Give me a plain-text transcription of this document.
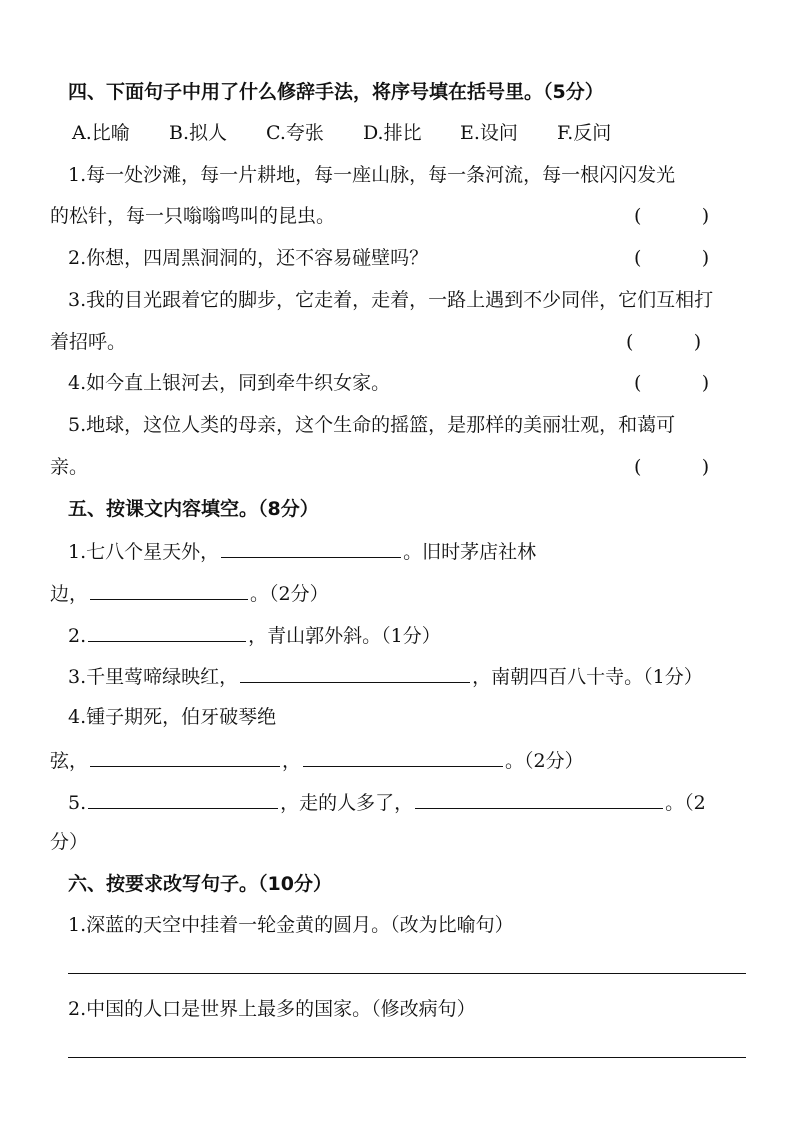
四、下面句子中用了什么修辞手法，将序号填在括号里。（5分）
A.比喻 B.拟人 C.夸张 D.排比 E.设问 F.反问
1.每一处沙滩，每一片耕地，每一座山脉，每一条河流，每一根闪闪发光
的松针，每一只嗡嗡鸣叫的昆虫。	(          )
2.你想，四周黑洞洞的，还不容易碰壁吗？	(          )
3.我的目光跟着它的脚步，它走着，走着，一路上遇到不少同伴，它们互相打
着招呼。	(          )
4.如今直上银河去，同到牵牛织女家。	(          )
5.地球，这位人类的母亲，这个生命的摇篮，是那样的美丽壮观，和蔼可
亲。	(          )
五、按课文内容填空。（8分）
1.七八个星天外，	。旧时茅店社林
边，	。（2分）
2.	，青山郭外斜。（1分）
3.千里莺啼绿映红，	，南朝四百八十寺。（1分）
4.锺子期死，伯牙破琴绝
弦，	，	。（2分）
5.	，走的人多了，	。（2
分）
六、按要求改写句子。（10分）
1.深蓝的天空中挂着一轮金黄的圆月。（改为比喻句）
2.中国的人口是世界上最多的国家。（修改病句）
